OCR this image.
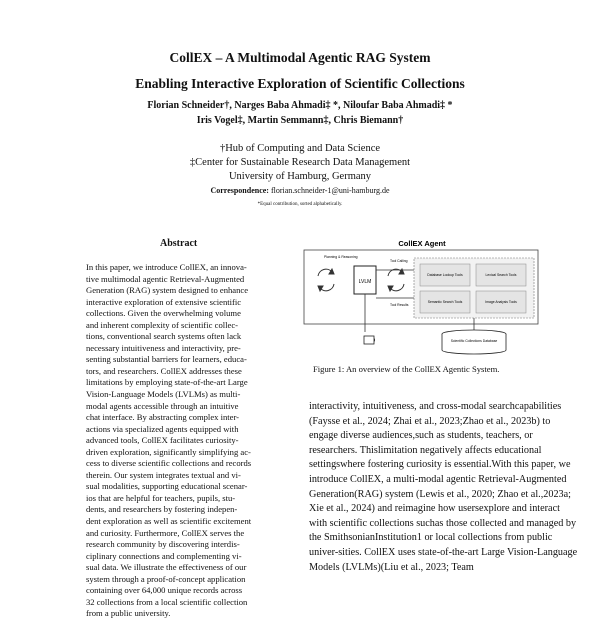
CollEX – A Multimodal Agentic RAG System
Enabling Interactive Exploration of Scientific Collections
Florian Schneider†, Narges Baba Ahmadi‡ *, Niloufar Baba Ahmadi‡ *
Iris Vogel‡, Martin Semmann‡, Chris Biemann†
†Hub of Computing and Data Science
‡Center for Sustainable Research Data Management
University of Hamburg, Germany
Correspondence: florian.schneider-1@uni-hamburg.de
*Equal contribution, sorted alphabetically.
Abstract
In this paper, we introduce CollEX, an innova-
tive multimodal agentic Retrieval-Augmented
Generation (RAG) system designed to enhance
interactive exploration of extensive scientific
collections. Given the overwhelming volume
and inherent complexity of scientific collec-
tions, conventional search systems often lack
necessary intuitiveness and interactivity, pre-
senting substantial barriers for learners, educa-
tors, and researchers. CollEX addresses these
limitations by employing state-of-the-art Large
Vision-Language Models (LVLMs) as multi-
modal agents accessible through an intuitive
chat interface. By abstracting complex inter-
actions via specialized agents equipped with
advanced tools, CollEX facilitates curiosity-
driven exploration, significantly simplifying ac-
cess to diverse scientific collections and records
therein. Our system integrates textual and vi-
sual modalities, supporting educational scenar-
ios that are helpful for teachers, pupils, stu-
dents, and researchers by fostering indepen-
dent exploration as well as scientific excitement
and curiosity. Furthermore, CollEX serves the
research community by discovering interdis-
ciplinary connections and complementing vi-
sual data. We illustrate the effectiveness of our
system through a proof-of-concept application
containing over 64,000 unique records across
32 collections from a local scientific collection
from a public university.
CollEX Agent
Planning & Reasoning
LVLM
Tool Calling
Tool Results
Database Lookup Tools	Lexical Search Tools
Semantic Search Tools	Image Analysis Tools
Scientific Collections Database
Figure 1: An overview of the CollEX Agentic System.
interactivity, intuitiveness, and cross-modal searchcapabilities (Faysse et al., 2024; Zhai et al., 2023;Zhao et al., 2023b) to engage diverse audiences,such as students, teachers, or researchers. Thislimitation negatively affects educational settingswhere fostering curiosity is essential.With this paper, we introduce CollEX, a multi-modal agentic Retrieval-Augmented Generation(RAG) system (Lewis et al., 2020; Zhao et al.,2023a; Xie et al., 2024) and reimagine how usersexplore and interact with scientific collections suchas those collected and managed by the SmithsonianInstitution1 or local collections from public univer-sities. CollEX uses state-of-the-art Large Vision-Language Models (LVLMs)(Liu et al., 2023; Team
